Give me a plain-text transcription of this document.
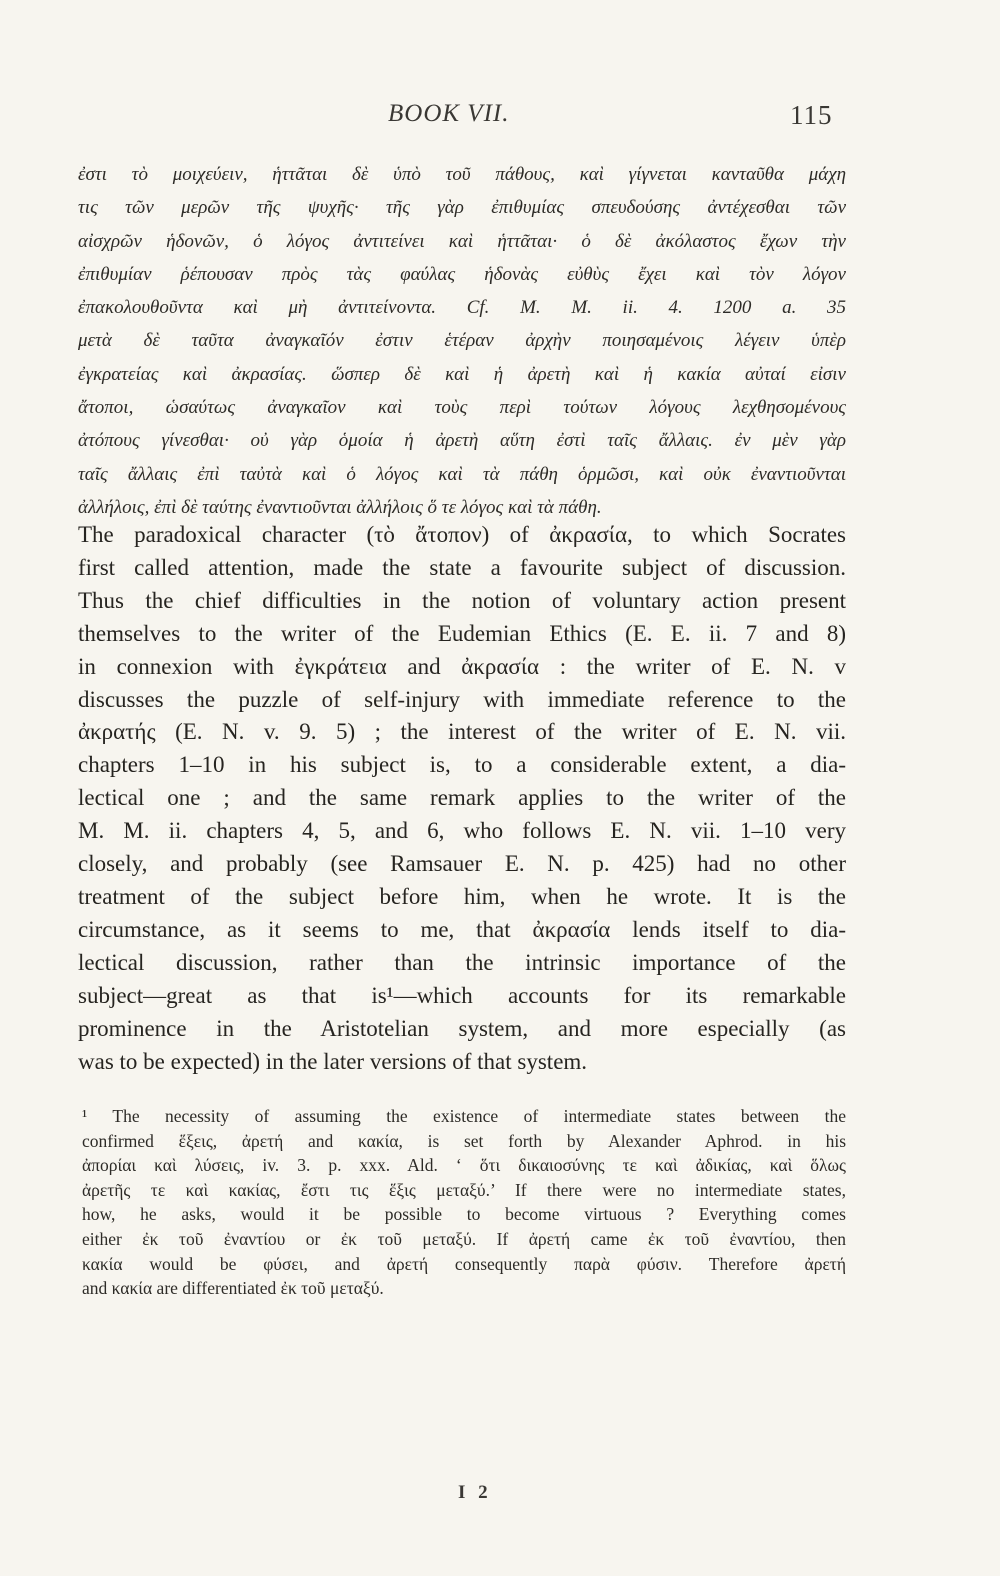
BOOK VII.	115
ἐστι τὸ μοιχεύειν, ἡττᾶται δὲ ὑπὸ τοῦ πάθους, καὶ γίγνεται κανταῦθα μάχη
τις τῶν μερῶν τῆς ψυχῆς· τῆς γὰρ ἐπιθυμίας σπευδούσης ἀντέχεσθαι τῶν
αἰσχρῶν ἡδονῶν, ὁ λόγος ἀντιτείνει καὶ ἡττᾶται· ὁ δὲ ἀκόλαστος ἔχων τὴν
ἐπιθυμίαν ῥέπουσαν πρὸς τὰς φαύλας ἡδονὰς εὐθὺς ἔχει καὶ τὸν λόγον
ἐπακολουθοῦντα καὶ μὴ ἀντιτείνοντα. Cf. M. M. ii. 4. 1200 a. 35
μετὰ δὲ ταῦτα ἀναγκαῖόν ἐστιν ἑτέραν ἀρχὴν ποιησαμένοις λέγειν ὑπὲρ
ἐγκρατείας καὶ ἀκρασίας. ὥσπερ δὲ καὶ ἡ ἀρετὴ καὶ ἡ κακία αὐταί εἰσιν
ἄτοποι, ὡσαύτως ἀναγκαῖον καὶ τοὺς περὶ τούτων λόγους λεχθησομένους
ἀτόπους γίνεσθαι· οὐ γὰρ ὁμοία ἡ ἀρετὴ αὕτη ἐστὶ ταῖς ἄλλαις. ἐν μὲν γὰρ
ταῖς ἄλλαις ἐπὶ ταὐτὰ καὶ ὁ λόγος καὶ τὰ πάθη ὁρμῶσι, καὶ οὐκ ἐναντιοῦνται
ἀλλήλοις, ἐπὶ δὲ ταύτης ἐναντιοῦνται ἀλλήλοις ὅ τε λόγος καὶ τὰ πάθη.
The paradoxical character (τὸ ἄτοπον) of ἀκρασία, to which Socrates
first called attention, made the state a favourite subject of discussion.
Thus the chief difficulties in the notion of voluntary action present
themselves to the writer of the Eudemian Ethics (E. E. ii. 7 and 8)
in connexion with ἐγκράτεια and ἀκρασία : the writer of E. N. v
discusses the puzzle of self-injury with immediate reference to the
ἀκρατής (E. N. v. 9. 5) ; the interest of the writer of E. N. vii.
chapters 1–10 in his subject is, to a considerable extent, a dia-
lectical one ; and the same remark applies to the writer of the
M. M. ii. chapters 4, 5, and 6, who follows E. N. vii. 1–10 very
closely, and probably (see Ramsauer E. N. p. 425) had no other
treatment of the subject before him, when he wrote. It is the
circumstance, as it seems to me, that ἀκρασία lends itself to dia-
lectical discussion, rather than the intrinsic importance of the
subject—great as that is¹—which accounts for its remarkable
prominence in the Aristotelian system, and more especially (as
was to be expected) in the later versions of that system.
¹ The necessity of assuming the existence of intermediate states between the
confirmed ἕξεις, ἀρετή and κακία, is set forth by Alexander Aphrod. in his
ἀπορίαι καὶ λύσεις, iv. 3. p. xxx. Ald. ‘ ὅτι δικαιοσύνης τε καὶ ἀδικίας, καὶ ὅλως
ἀρετῆς τε καὶ κακίας, ἔστι τις ἕξις μεταξύ.’ If there were no intermediate states,
how, he asks, would it be possible to become virtuous ? Everything comes
either ἐκ τοῦ ἐναντίου or ἐκ τοῦ μεταξύ. If ἀρετή came ἐκ τοῦ ἐναντίου, then
κακία would be φύσει, and ἀρετή consequently παρὰ φύσιν. Therefore ἀρετή
and κακία are differentiated ἐκ τοῦ μεταξύ.
I 2
